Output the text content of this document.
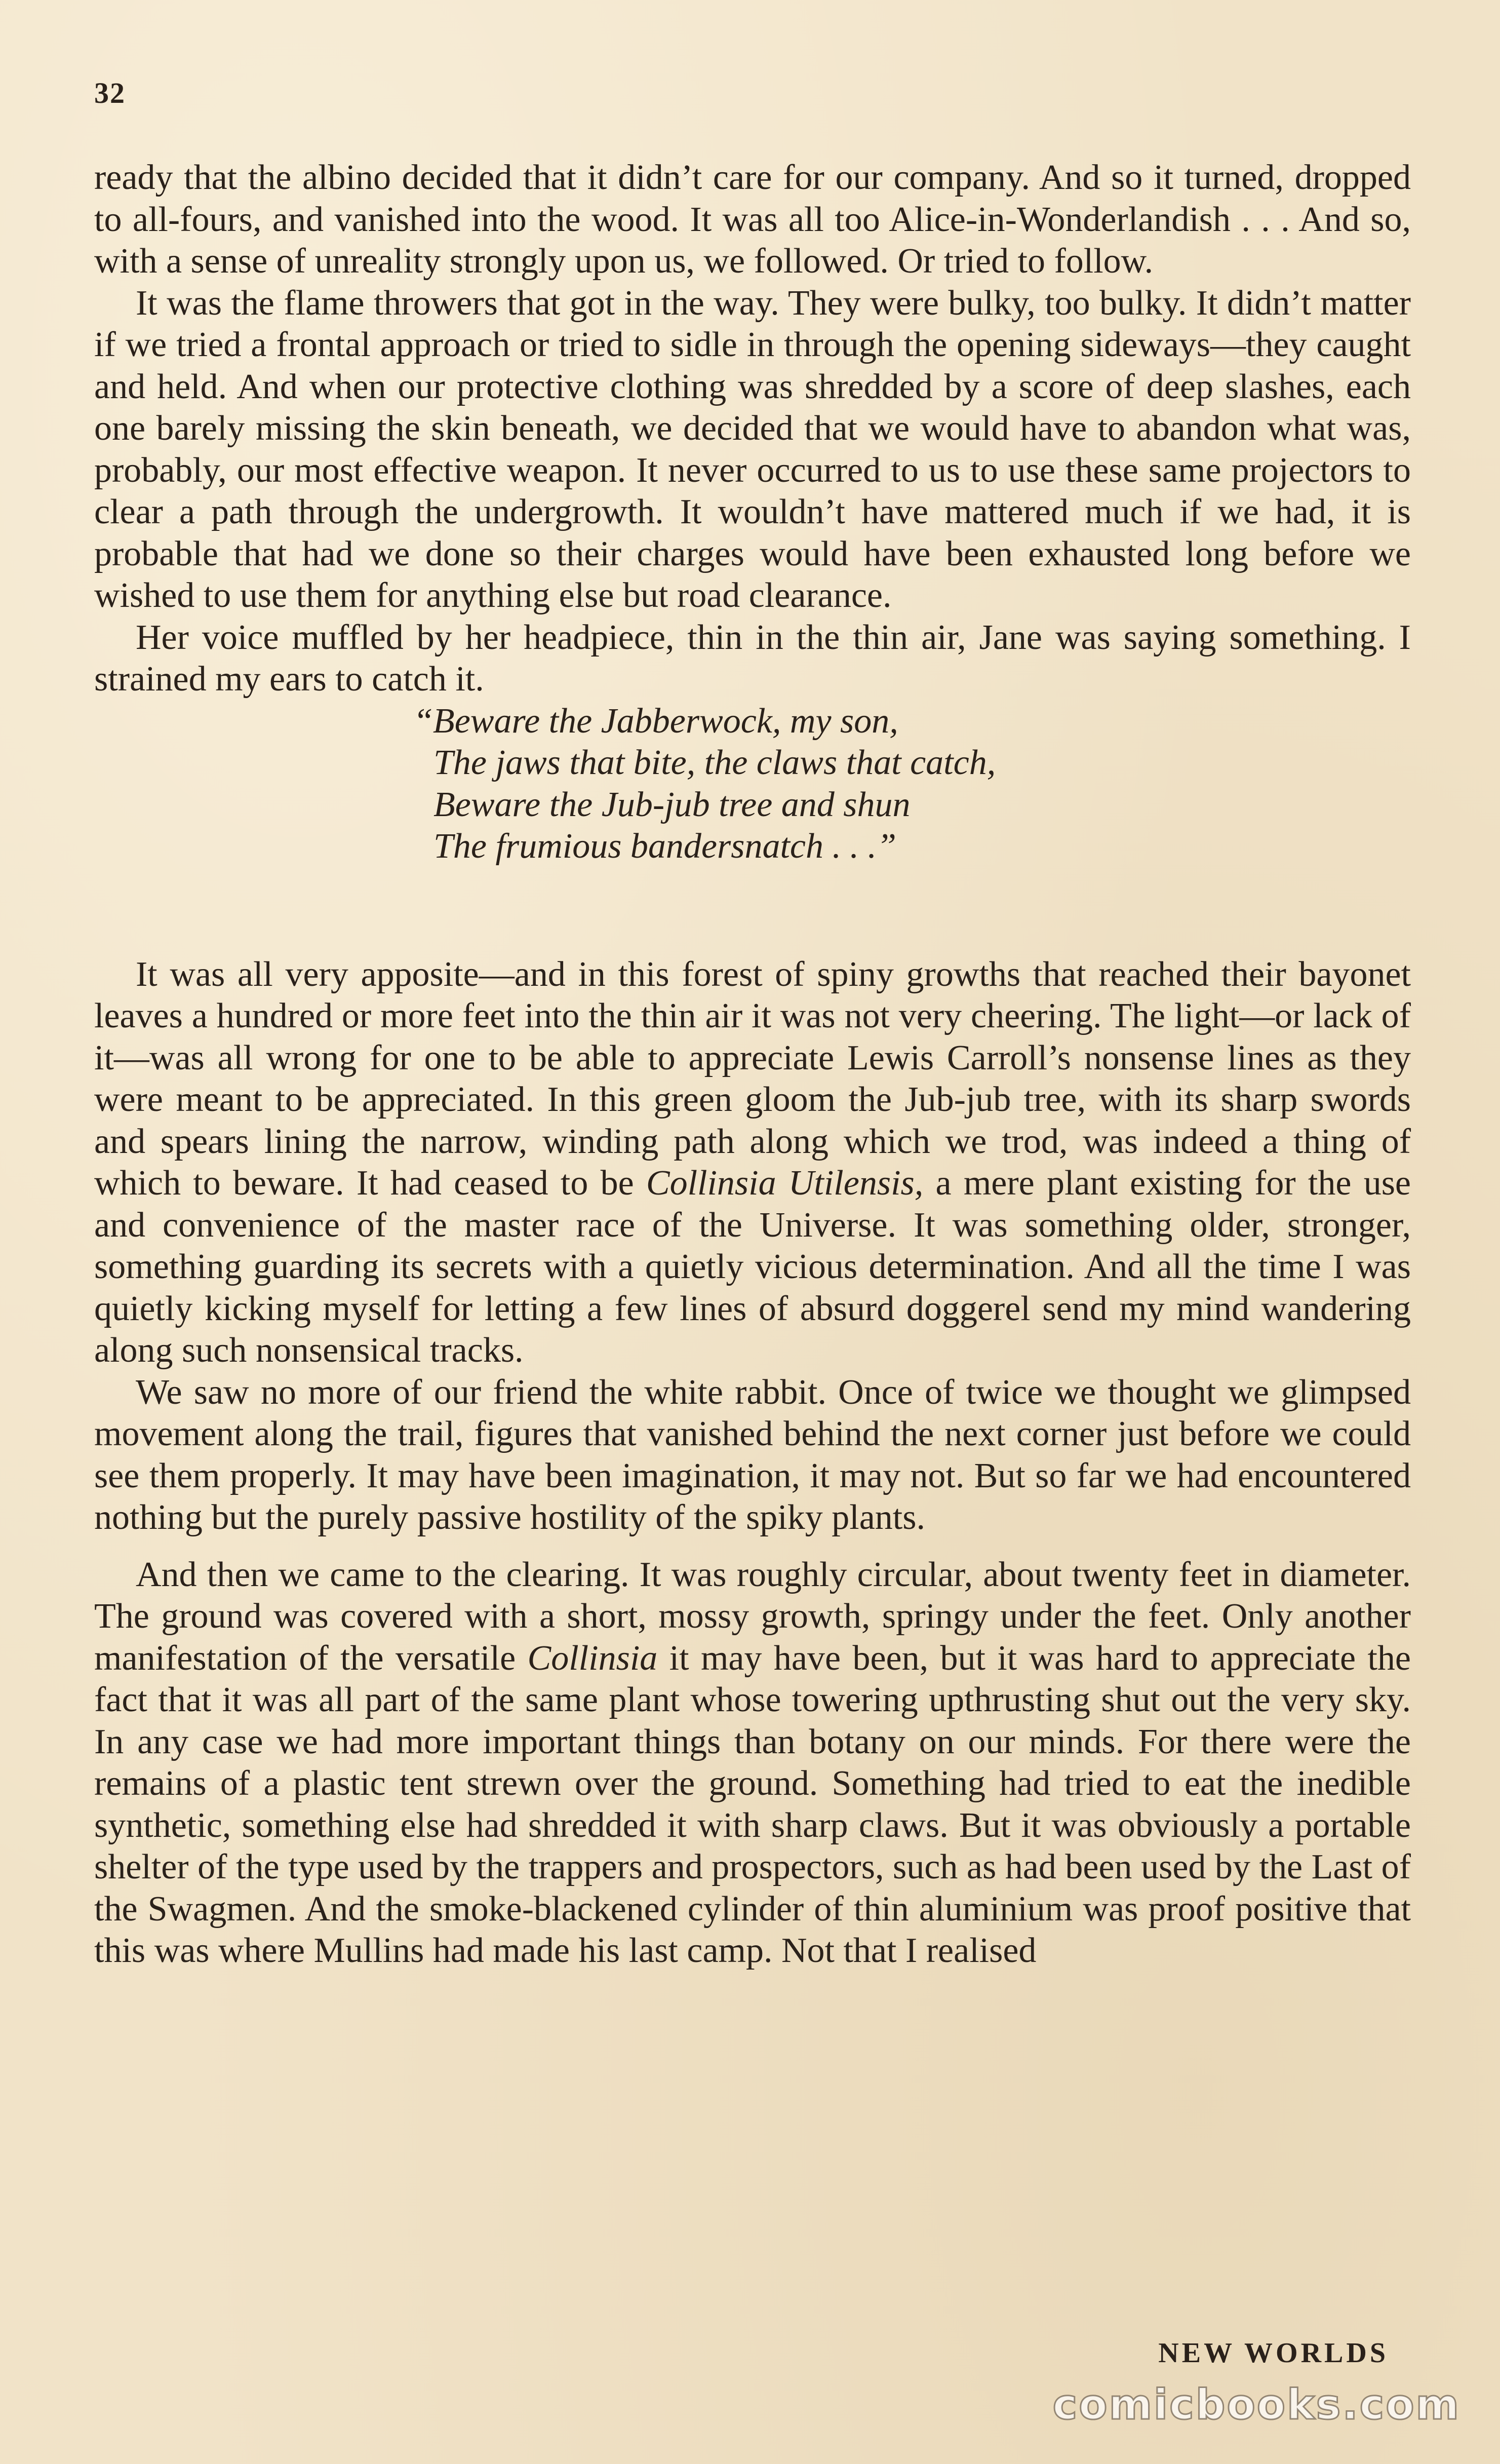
32

ready that the albino decided that it didn’t care for our company. And so it turned, dropped to all-fours, and vanished into the wood. It was all too Alice-in-Wonderlandish . . . And so, with a sense of unreality strongly upon us, we followed. Or tried to follow.

It was the flame throwers that got in the way. They were bulky, too bulky. It didn’t matter if we tried a frontal approach or tried to sidle in through the opening sideways—they caught and held. And when our protective clothing was shredded by a score of deep slashes, each one barely missing the skin beneath, we decided that we would have to abandon what was, probably, our most effective weapon. It never occurred to us to use these same projectors to clear a path through the undergrowth. It wouldn’t have mattered much if we had, it is probable that had we done so their charges would have been exhausted long before we wished to use them for anything else but road clearance.

Her voice muffled by her headpiece, thin in the thin air, Jane was saying something. I strained my ears to catch it.

“Beware the Jabberwock, my son,
The jaws that bite, the claws that catch,
Beware the Jub-jub tree and shun
The frumious bandersnatch . . .”

It was all very apposite—and in this forest of spiny growths that reached their bayonet leaves a hundred or more feet into the thin air it was not very cheering. The light—or lack of it—was all wrong for one to be able to appreciate Lewis Carroll’s nonsense lines as they were meant to be appreciated. In this green gloom the Jub-jub tree, with its sharp swords and spears lining the narrow, winding path along which we trod, was indeed a thing of which to beware. It had ceased to be Collinsia Utilensis, a mere plant existing for the use and convenience of the master race of the Universe. It was something older, stronger, something guarding its secrets with a quietly vicious determination. And all the time I was quietly kicking myself for letting a few lines of absurd doggerel send my mind wandering along such nonsensical tracks.

We saw no more of our friend the white rabbit. Once of twice we thought we glimpsed movement along the trail, figures that vanished behind the next corner just before we could see them properly. It may have been imagination, it may not. But so far we had encountered nothing but the purely passive hostility of the spiky plants.

And then we came to the clearing. It was roughly circular, about twenty feet in diameter. The ground was covered with a short, mossy growth, springy under the feet. Only another manifestation of the versatile Collinsia it may have been, but it was hard to appreciate the fact that it was all part of the same plant whose towering upthrusting shut out the very sky. In any case we had more important things than botany on our minds. For there were the remains of a plastic tent strewn over the ground. Something had tried to eat the inedible synthetic, something else had shredded it with sharp claws. But it was obviously a portable shelter of the type used by the trappers and prospectors, such as had been used by the Last of the Swagmen. And the smoke-blackened cylinder of thin aluminium was proof positive that this was where Mullins had made his last camp. Not that I realised

NEW WORLDS
comicbooks.com
